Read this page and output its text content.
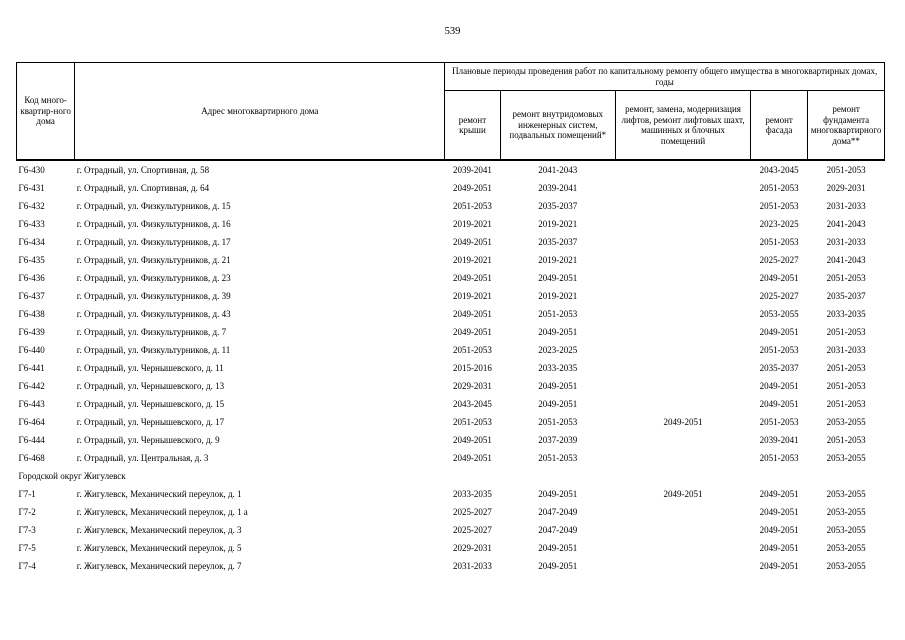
539
Код много-квартир-ного дома	Адрес многоквартирного дома	Плановые периоды проведения работ по капитальному ремонту общего имущества в многоквартирных домах, годы				
		ремонт крыши	ремонт внутридомовых инженерных систем, подвальных помещений*	ремонт, замена, модернизация лифтов, ремонт лифтовых шахт, машинных и блочных помещений	ремонт фасада	ремонт фундамента многоквартирного дома**
Г6-430	г. Отрадный, ул. Спортивная, д. 58	2039-2041	2041-2043		2043-2045	2051-2053
Г6-431	г. Отрадный, ул. Спортивная, д. 64	2049-2051	2039-2041		2051-2053	2029-2031
Г6-432	г. Отрадный, ул. Физкультурников, д. 15	2051-2053	2035-2037		2051-2053	2031-2033
Г6-433	г. Отрадный, ул. Физкультурников, д. 16	2019-2021	2019-2021		2023-2025	2041-2043
Г6-434	г. Отрадный, ул. Физкультурников, д. 17	2049-2051	2035-2037		2051-2053	2031-2033
Г6-435	г. Отрадный, ул. Физкультурников, д. 21	2019-2021	2019-2021		2025-2027	2041-2043
Г6-436	г. Отрадный, ул. Физкультурников, д. 23	2049-2051	2049-2051		2049-2051	2051-2053
Г6-437	г. Отрадный, ул. Физкультурников, д. 39	2019-2021	2019-2021		2025-2027	2035-2037
Г6-438	г. Отрадный, ул. Физкультурников, д. 43	2049-2051	2051-2053		2053-2055	2033-2035
Г6-439	г. Отрадный, ул. Физкультурников, д. 7	2049-2051	2049-2051		2049-2051	2051-2053
Г6-440	г. Отрадный, ул. Физкультурников, д. 11	2051-2053	2023-2025		2051-2053	2031-2033
Г6-441	г. Отрадный, ул. Чернышевского, д. 11	2015-2016	2033-2035		2035-2037	2051-2053
Г6-442	г. Отрадный, ул. Чернышевского, д. 13	2029-2031	2049-2051		2049-2051	2051-2053
Г6-443	г. Отрадный, ул. Чернышевского, д. 15	2043-2045	2049-2051		2049-2051	2051-2053
Г6-464	г. Отрадный, ул. Чернышевского, д. 17	2051-2053	2051-2053	2049-2051	2051-2053	2053-2055
Г6-444	г. Отрадный, ул. Чернышевского, д. 9	2049-2051	2037-2039		2039-2041	2051-2053
Г6-468	г. Отрадный, ул. Центральная, д. 3	2049-2051	2051-2053		2051-2053	2053-2055
Городской округ Жигулевск						
Г7-1	г. Жигулевск, Механический переулок, д. 1	2033-2035	2049-2051	2049-2051	2049-2051	2053-2055
Г7-2	г. Жигулевск, Механический переулок, д. 1 а	2025-2027	2047-2049		2049-2051	2053-2055
Г7-3	г. Жигулевск, Механический переулок, д. 3	2025-2027	2047-2049		2049-2051	2053-2055
Г7-5	г. Жигулевск, Механический переулок, д. 5	2029-2031	2049-2051		2049-2051	2053-2055
Г7-4	г. Жигулевск, Механический переулок, д. 7	2031-2033	2049-2051		2049-2051	2053-2055
